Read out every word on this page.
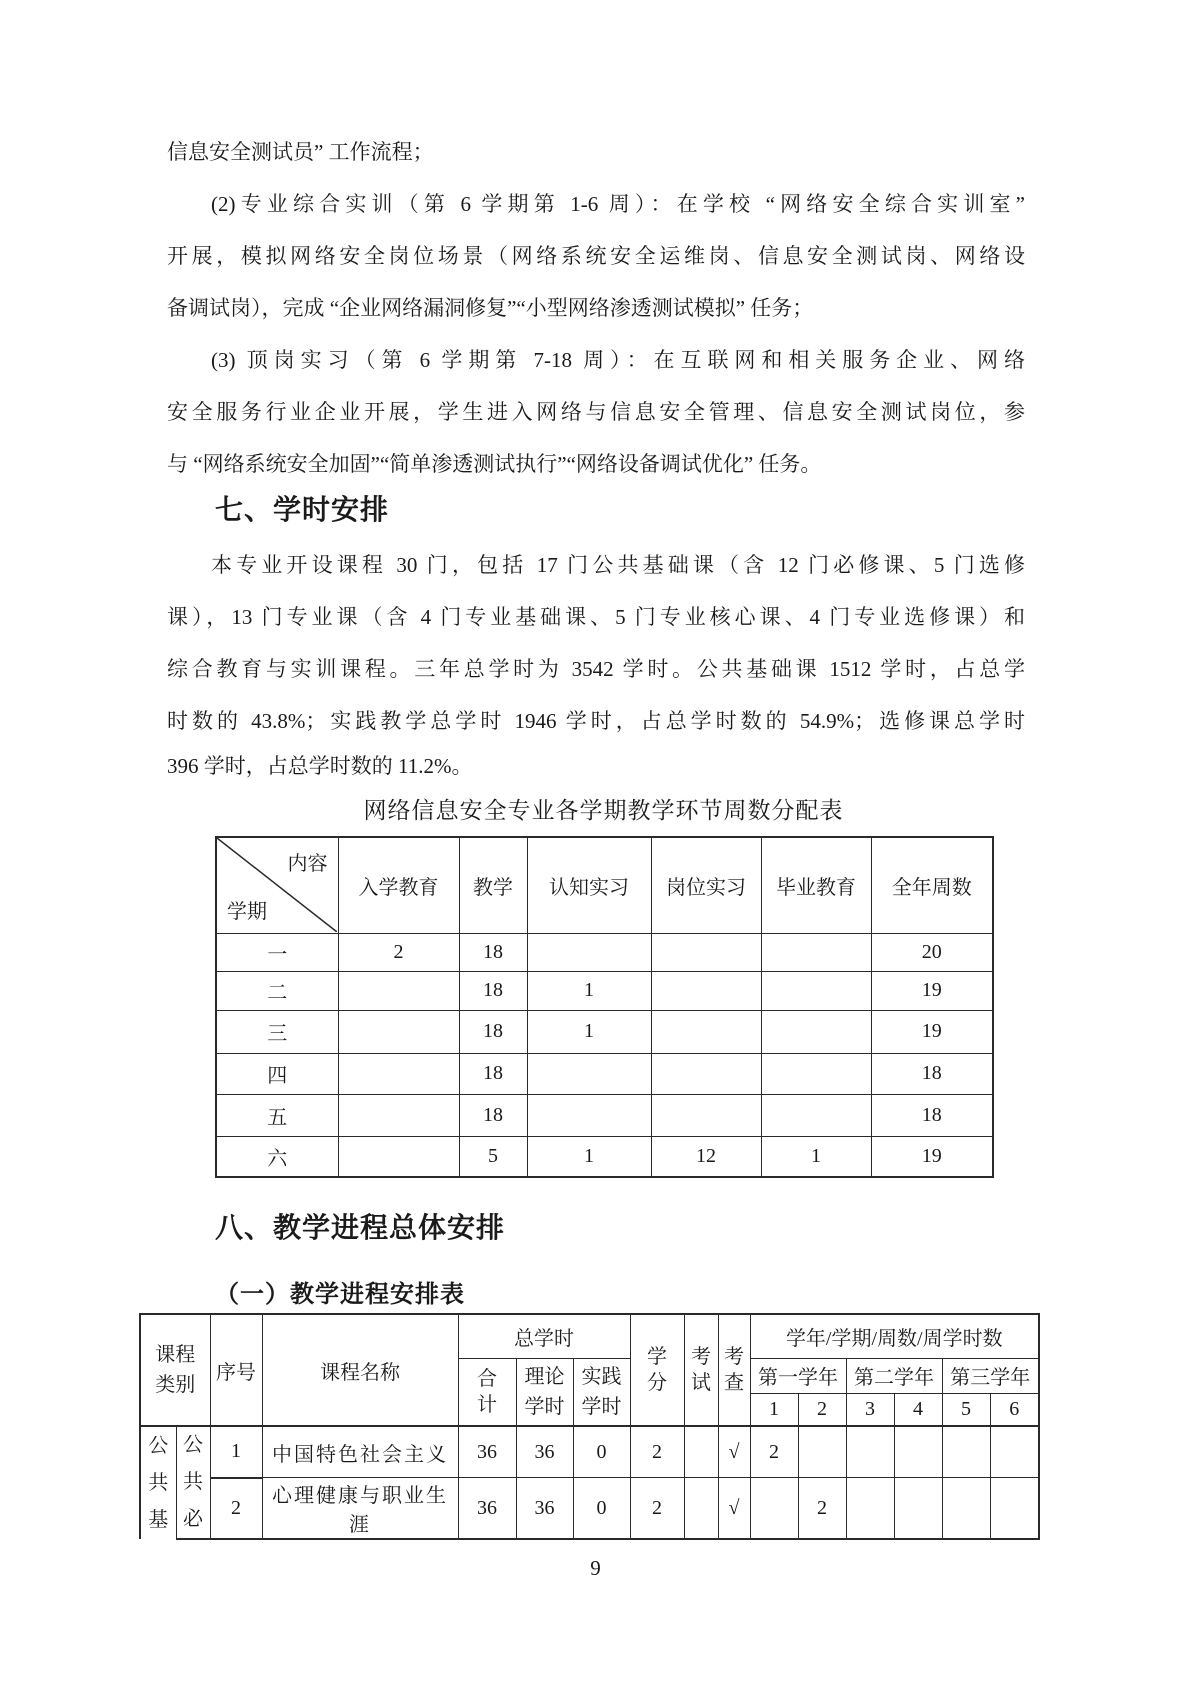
信息安全测试员” 工作流程；
(2)专业综合实训（第 6 学期第 1-6 周）：在学校 “网络安全综合实训室”
开展，模拟网络安全岗位场景（网络系统安全运维岗、信息安全测试岗、网络设
备调试岗），完成 “企业网络漏洞修复”“小型网络渗透测试模拟” 任务；
(3) 顶岗实习（第 6 学期第 7-18 周）：在互联网和相关服务企业、网络
安全服务行业企业开展，学生进入网络与信息安全管理、信息安全测试岗位，参
与 “网络系统安全加固”“简单渗透测试执行”“网络设备调试优化” 任务。
七、学时安排
本专业开设课程 30 门，包括 17 门公共基础课（含 12 门必修课、5 门选修
课），13 门专业课（含 4 门专业基础课、5 门专业核心课、4 门专业选修课）和
综合教育与实训课程。三年总学时为 3542 学时。公共基础课 1512 学时，占总学
时数的 43.8%；实践教学总学时 1946 学时，占总学时数的 54.9%；选修课总学时
396 学时，占总学时数的 11.2%。
网络信息安全专业各学期教学环节周数分配表
内容
学期	入学教育	教学	认知实习	岗位实习	毕业教育	全年周数
一	2	18				20
二		18	1			19
三		18	1			19
四		18				18
五		18				18
六		5	1	12	1	19
八、教学进程总体安排
（一）教学进程安排表
课程类别		序号	课程名称	总学时			学分	考试	考查	学年/学期/周数/周学时数					
				合计	理论学时	实践学时				第一学年		第二学年		第三学年	
										1	2	3	4	5	6
公共基	公共必	1	中国特色社会主义	36	36	0	2		√	2					
		2	心理健康与职业生涯	36	36	0	2		√		2				
9
